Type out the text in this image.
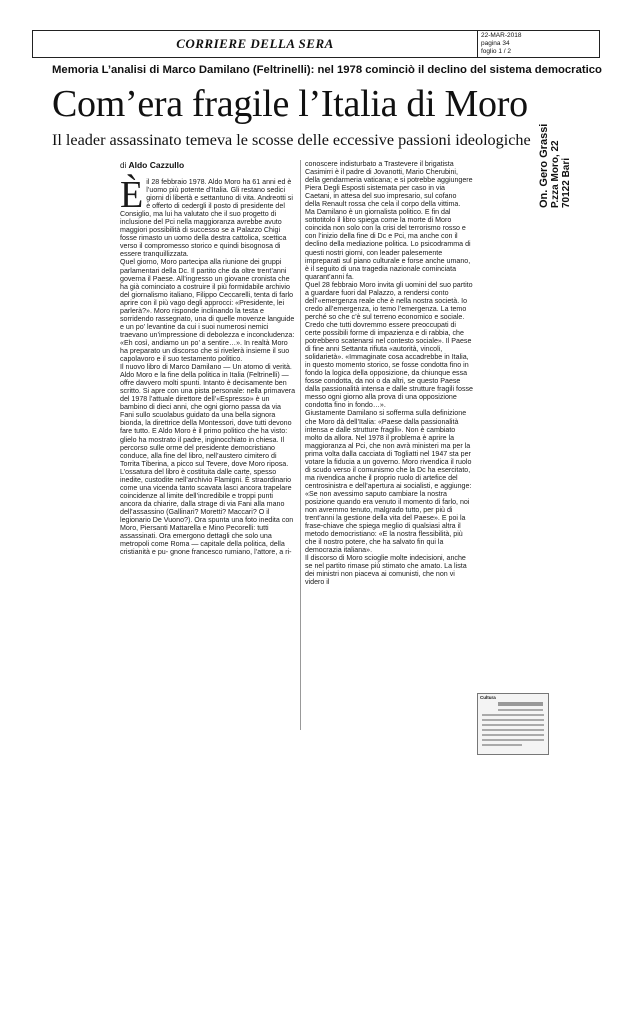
CORRIERE DELLA SERA
22-MAR-2018
pagina 34
foglio 1 / 2
Memoria L’analisi di Marco Damilano (Feltrinelli): nel 1978 cominciò il declino del sistema democratico
Com’era fragile l’Italia di Moro
Il leader assassinato temeva le scosse delle eccessive passioni ideologiche
di Aldo Cazzullo
È il 28 febbraio 1978. Aldo Moro ha 61 anni ed è l’uomo più potente d’Italia. Gli restano sedici giorni di libertà e settantuno di vita. Andreotti si è offerto di cedergli il posto di presidente del Consiglio, ma lui ha valutato che il suo progetto di inclusione del Pci nella maggioranza avrebbe avuto maggiori possibilità di successo se a Palazzo Chigi fosse rimasto un uomo della destra cattolica, scettica verso il compromesso storico e quindi bisognosa di essere tranquillizzata.

Quel giorno, Moro partecipa alla riunione dei gruppi parlamentari della Dc. Il partito che da oltre trent’anni governa il Paese. All’ingresso un giovane cronista che ha già cominciato a costruire il più formidabile archivio del giornalismo italiano, Filippo Ceccarelli, tenta di farlo aprire con il più vago degli approcci: «Presidente, lei parlerà?». Moro risponde inclinando la testa e sorridendo rassegnato, una di quelle movenze languide e un po’ levantine da cui i suoi numerosi nemici traevano un’impressione di debolezza e inconcludenza: «Eh così, andiamo un po’ a sentire…». In realtà Moro ha preparato un discorso che si rivelerà insieme il suo capolavoro e il suo testamento politico.

Il nuovo libro di Marco Damilano — Un atomo di verità. Aldo Moro e la fine della politica in Italia (Feltrinelli) — offre davvero molti spunti. Intanto è decisamente ben scritto. Si apre con una pista personale: nella primavera del 1978 l’attuale direttore dell’«Espresso» è un bambino di dieci anni, che ogni giorno passa da via Fani sullo scuolabus guidato da una bella signora bionda, la direttrice della Montessori, dove tutti devono fare tutto. E Aldo Moro è il primo politico che ha visto: glielo ha mostrato il padre, inginocchiato in chiesa. Il percorso sulle orme del presidente democristiano conduce, alla fine del libro, nell’austero cimitero di Torrita Tiberina, a picco sul Tevere, dove Moro riposa. L’ossatura del libro è costituita dalle carte, spesso inedite, custodite nell’archivio Flamigni. È straordinario come una vicenda tanto scavata lasci ancora trapelare coincidenze al limite dell’incredibile e troppi punti ancora da chiarire, dalla strage di via Fani alla mano dell’assassino (Gallinari? Moretti? Maccari? O il legionario De Vuono?). Ora spunta una foto inedita con Moro, Piersanti Mattarella e Mino Pecorelli: tutti assassinati. Ora emergono dettagli che solo una metropoli come Roma — capitale della politica, della cristianità e pu- gnone francesco rumiano, l’attore, a ri-

conoscere indisturbato a Trastevere il brigatista Casimirri è il padre di Jovanotti, Mario Cherubini, della gendarmeria vaticana; e si potrebbe aggiungere Piera Degli Esposti sistemata per caso in via Caetani, in attesa del suo impresario, sul cofano della Renault rossa che cela il corpo della vittima.

Ma Damilano è un giornalista politico. E fin dal sottotitolo il libro spiega come la morte di Moro coincida non solo con la crisi del terrorismo rosso e con l’inizio della fine di Dc e Pci, ma anche con il declino della mediazione politica. Lo psicodramma di questi nostri giorni, con leader palesemente impreparati sul piano culturale e forse anche umano, è il seguito di una tragedia nazionale cominciata quarant’anni fa.

Quel 28 febbraio Moro invita gli uomini del suo partito a guardare fuori dal Palazzo, a rendersi conto dell’«emergenza reale che è nella nostra società. Io credo all’emergenza, io temo l’emergenza. La temo perché so che c’è sul terreno economico e sociale. Credo che tutti dovremmo essere preoccupati di certe possibili forme di impazienza e di rabbia, che potrebbero scatenarsi nel contesto sociale». Il Paese di fine anni Settanta rifiuta «autorità, vincoli, solidarietà». «Immaginate cosa accadrebbe in Italia, in questo momento storico, se fosse condotta fino in fondo la logica della opposizione, da chiunque essa fosse condotta, da noi o da altri, se questo Paese dalla passionalità intensa e dalle strutture fragili fosse messo ogni giorno alla prova di una opposizione condotta fino in fondo…».

Giustamente Damilano si sofferma sulla definizione che Moro dà dell’Italia: «Paese dalla passionalità intensa e dalle strutture fragili». Non è cambiato molto da allora. Nel 1978 il problema è aprire la maggioranza al Pci, che non avrà ministeri ma per la prima volta dalla cacciata di Togliatti nel 1947 sta per votare la fiducia a un governo. Moro rivendica il ruolo di scudo verso il comunismo che la Dc ha esercitato, ma rivendica anche il proprio ruolo di artefice del centrosinistra e dell’apertura ai socialisti, e aggiunge: «Se non avessimo saputo cambiare la nostra posizione quando era venuto il momento di farlo, noi non avremmo tenuto, malgrado tutto, per più di trent’anni la gestione della vita del Paese». E poi la frase-chiave che spiega meglio di qualsiasi altra il metodo democristiano: «E la nostra flessibilità, più che il nostro potere, che ha salvato fin qui la democrazia italiana».

Il discorso di Moro scioglie molte indecisioni, anche se nel partito rimase più stimato che amato. La lista dei ministri non piaceva ai comunisti, che non vi videro il

On. Gero Grassi P.zza Moro, 22 70122 Bari
Cultura
